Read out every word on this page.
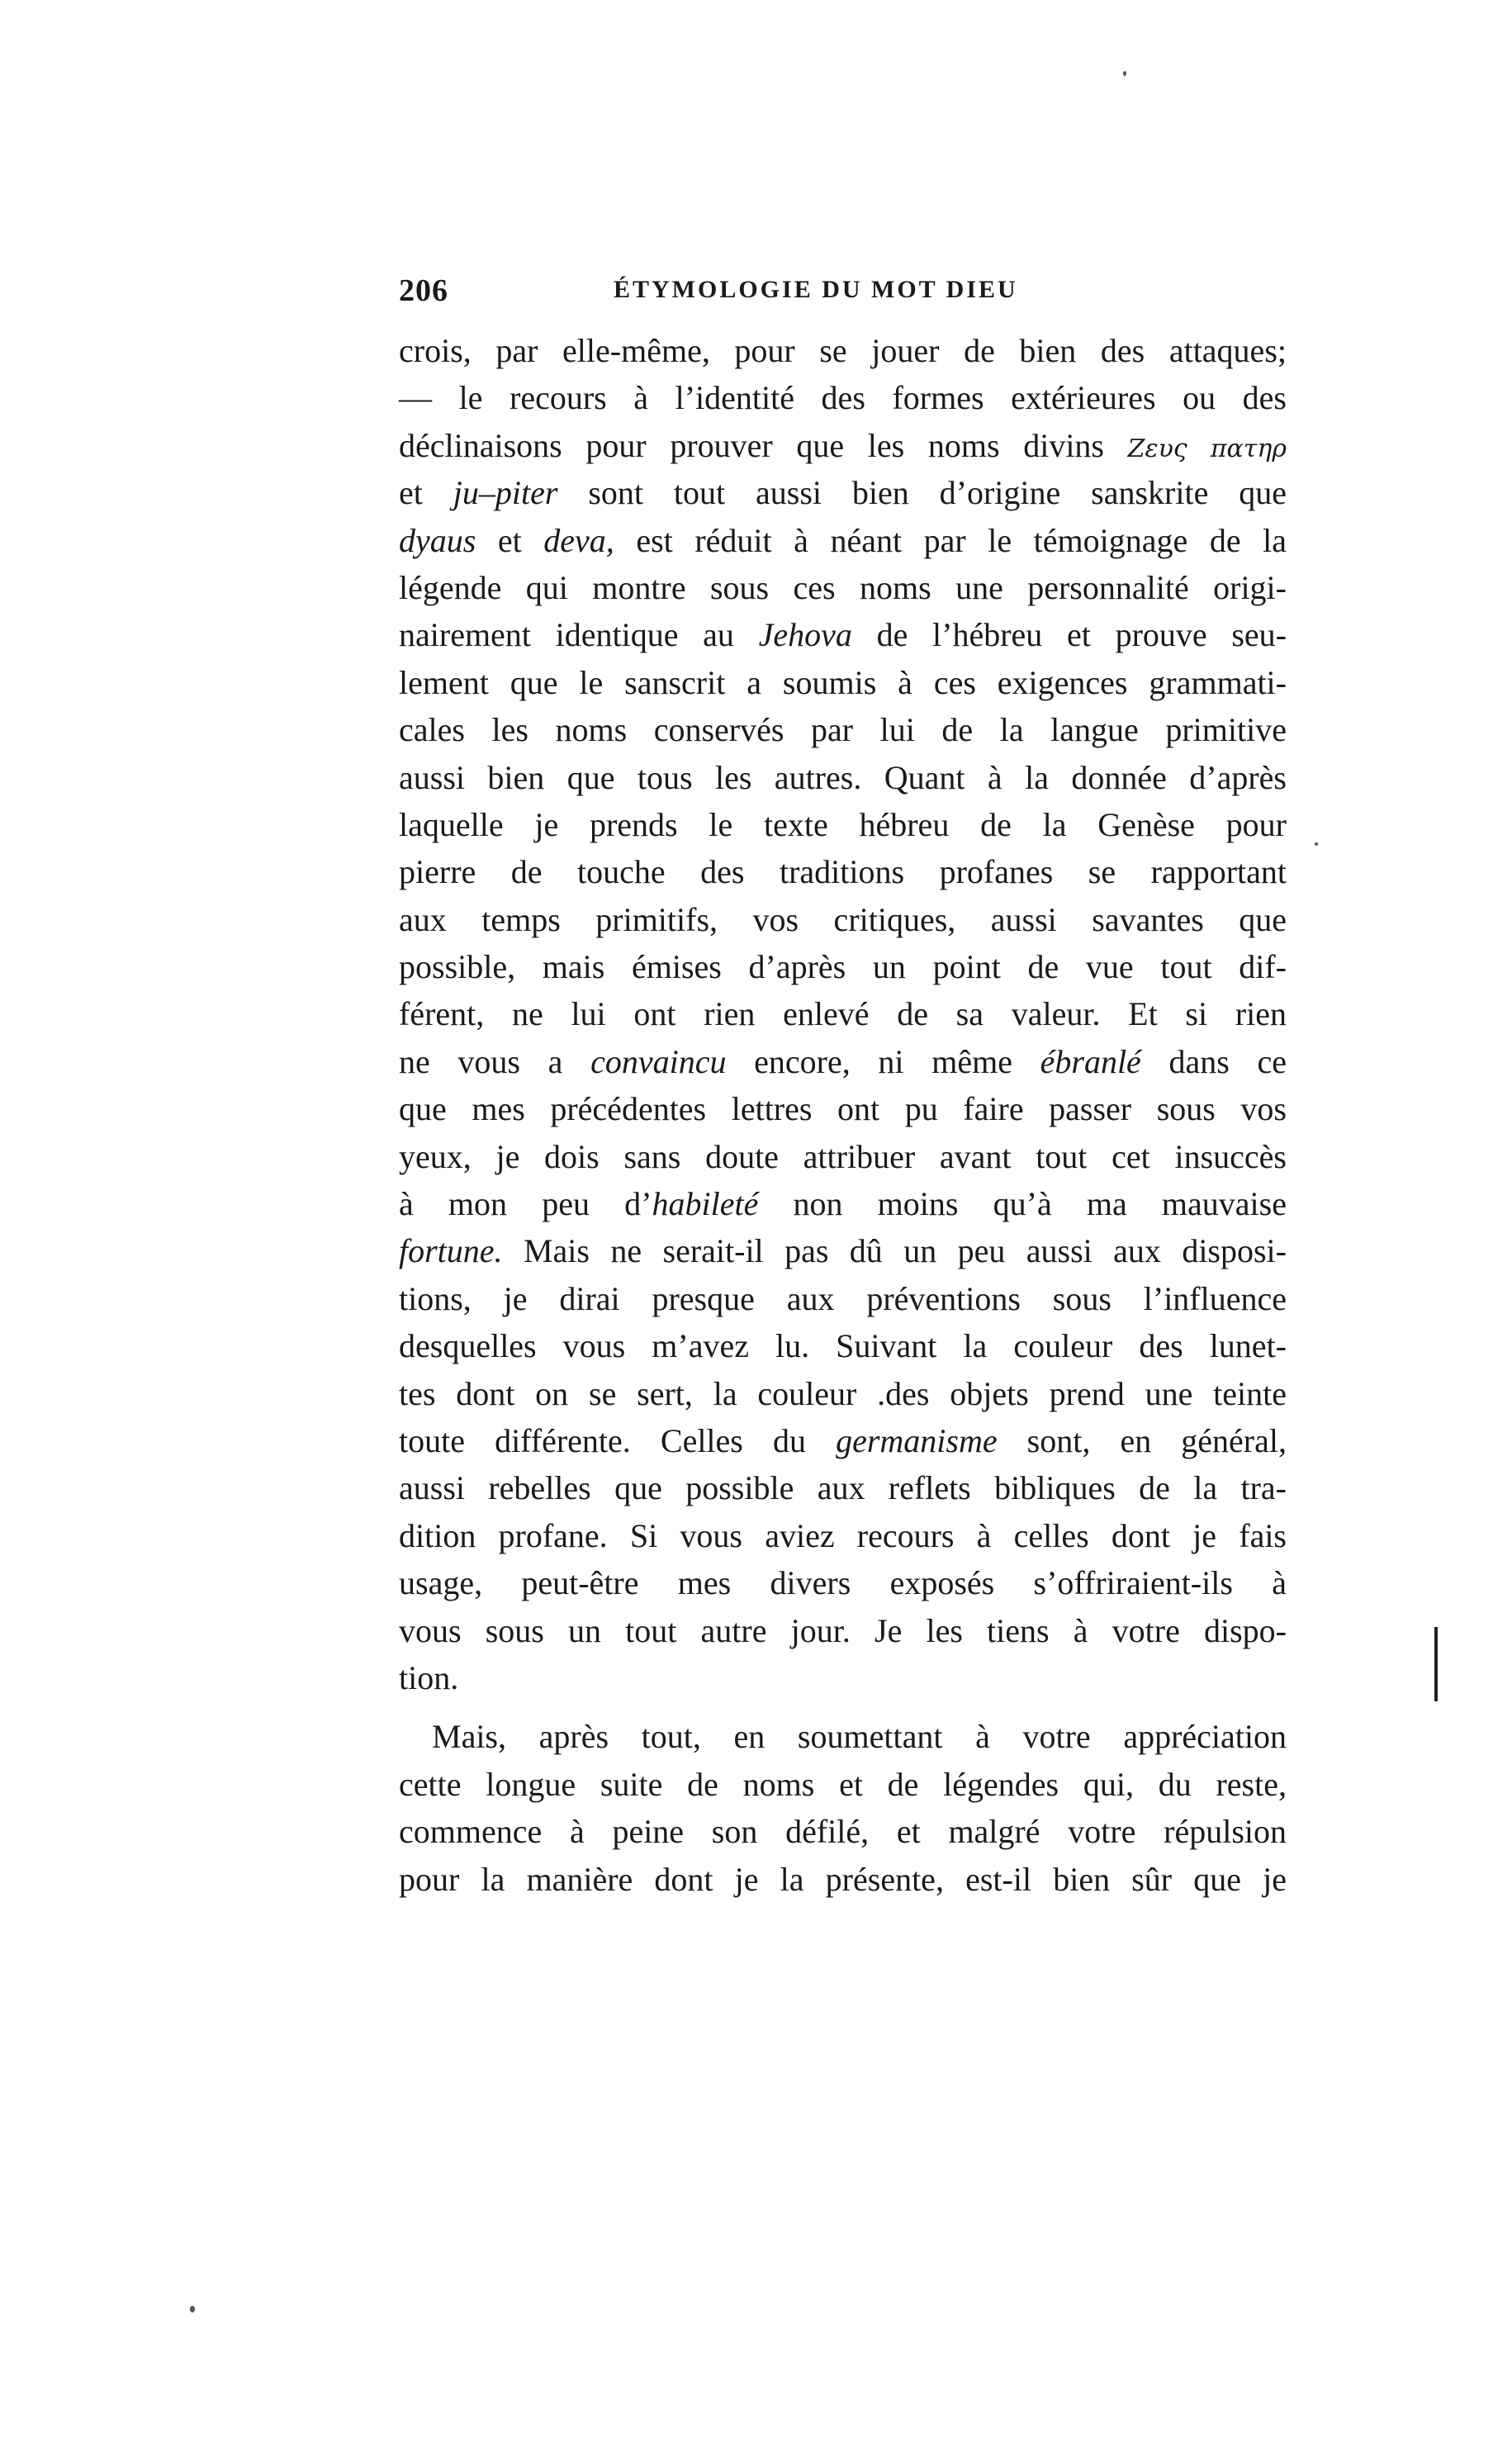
206	ÉTYMOLOGIE DU MOT DIEU
crois, par elle-même, pour se jouer de bien des attaques;
— le recours à l’identité des formes extérieures ou des
déclinaisons pour prouver que les noms divins Ζευς πατηρ
et ju–piter sont tout aussi bien d’origine sanskrite que
dyaus et deva, est réduit à néant par le témoignage de la
légende qui montre sous ces noms une personnalité origi-
nairement identique au Jehova de l’hébreu et prouve seu-
lement que le sanscrit a soumis à ces exigences grammati-
cales les noms conservés par lui de la langue primitive
aussi bien que tous les autres. Quant à la donnée d’après
laquelle je prends le texte hébreu de la Genèse pour
pierre de touche des traditions profanes se rapportant
aux temps primitifs, vos critiques, aussi savantes que
possible, mais émises d’après un point de vue tout dif-
férent, ne lui ont rien enlevé de sa valeur. Et si rien
ne vous a convaincu encore, ni même ébranlé dans ce
que mes précédentes lettres ont pu faire passer sous vos
yeux, je dois sans doute attribuer avant tout cet insuccès
à mon peu d’habileté non moins qu’à ma mauvaise
fortune. Mais ne serait-il pas dû un peu aussi aux disposi-
tions, je dirai presque aux préventions sous l’influence
desquelles vous m’avez lu. Suivant la couleur des lunet-
tes dont on se sert, la couleur .des objets prend une teinte
toute différente. Celles du germanisme sont, en général,
aussi rebelles que possible aux reflets bibliques de la tra-
dition profane. Si vous aviez recours à celles dont je fais
usage, peut-être mes divers exposés s’offriraient-ils à
vous sous un tout autre jour. Je les tiens à votre dispo-
tion.
Mais, après tout, en soumettant à votre appréciation
cette longue suite de noms et de légendes qui, du reste,
commence à peine son défilé, et malgré votre répulsion
pour la manière dont je la présente, est-il bien sûr que je
